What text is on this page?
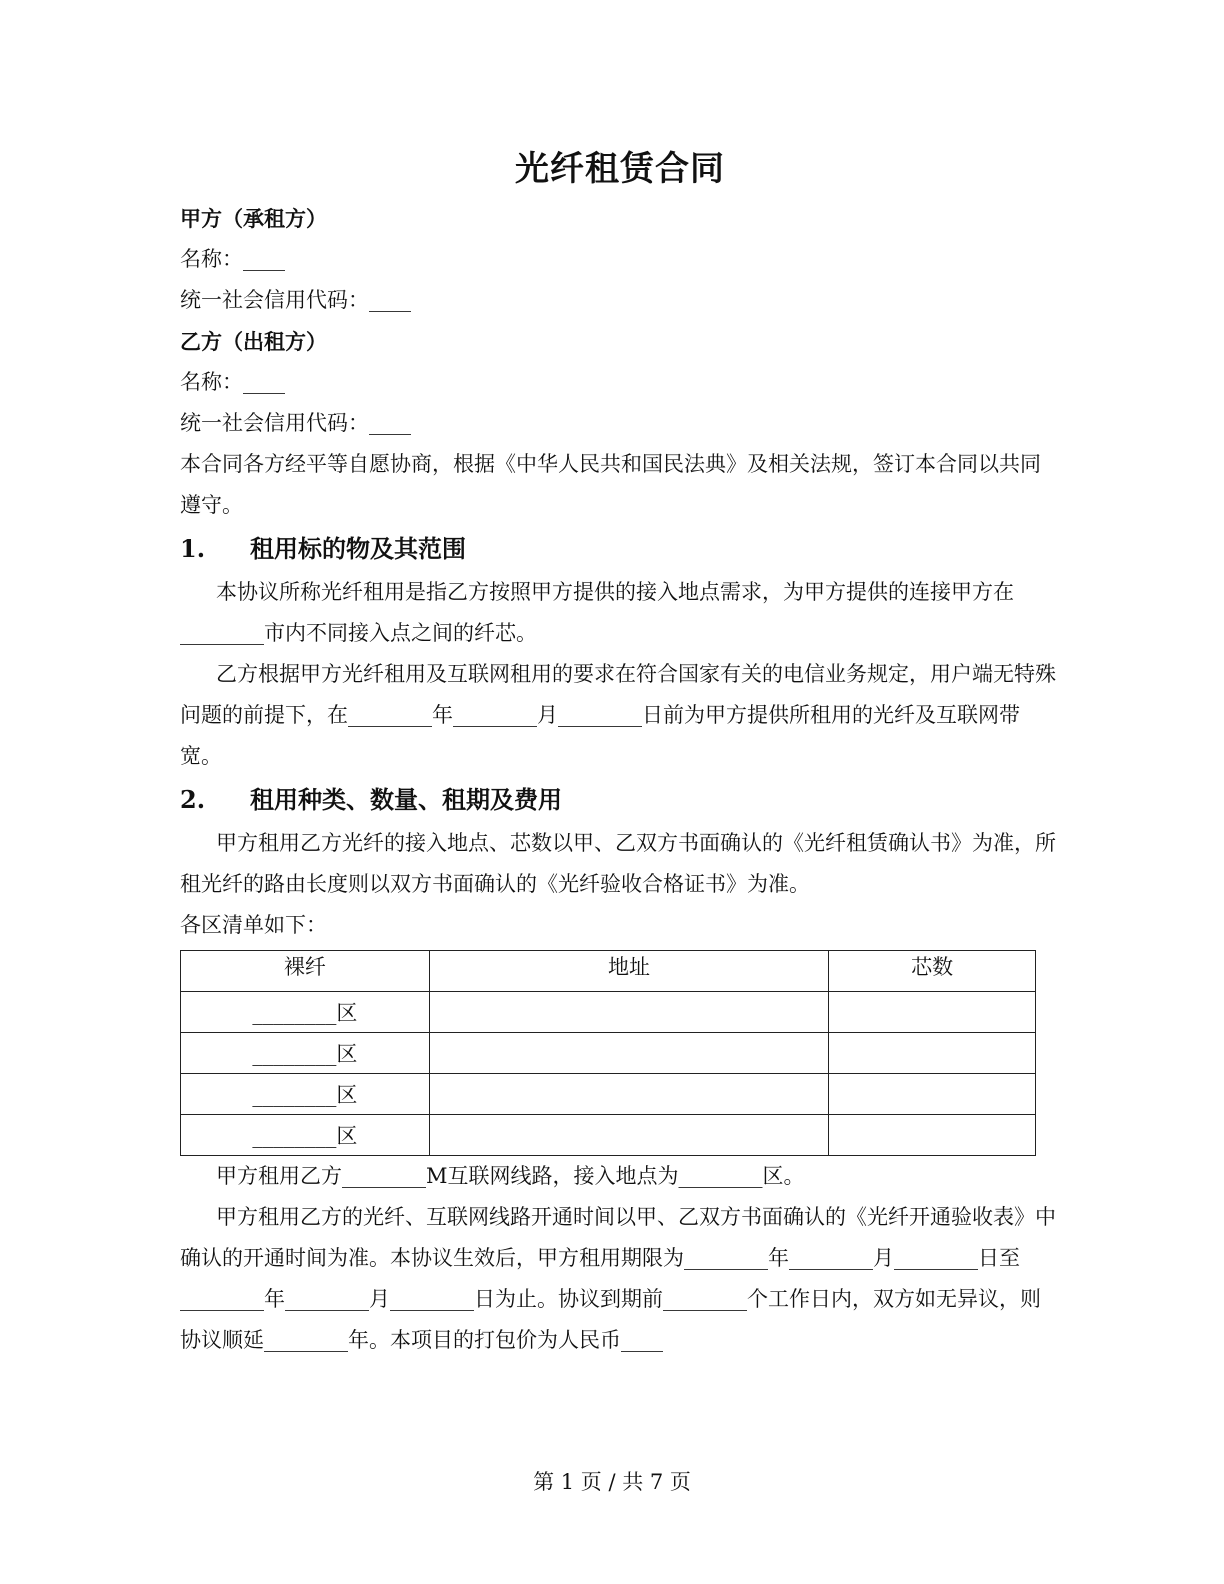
光纤租赁合同
甲方（承租方）
名称：____
统一社会信用代码：____
乙方（出租方）
名称：____
统一社会信用代码：____

本合同各方经平等自愿协商，根据《中华人民共和国民法典》及相关法规，签订本合同以共同遵守。

1.	租用标的物及其范围

本协议所称光纤租用是指乙方按照甲方提供的接入地点需求，为甲方提供的连接甲方在________市内不同接入点之间的纤芯。

乙方根据甲方光纤租用及互联网租用的要求在符合国家有关的电信业务规定，用户端无特殊问题的前提下，在________年________月________日前为甲方提供所租用的光纤及互联网带宽。

2.	租用种类、数量、租期及费用

甲方租用乙方光纤的接入地点、芯数以甲、乙双方书面确认的《光纤租赁确认书》为准，所租光纤的路由长度则以双方书面确认的《光纤验收合格证书》为准。

各区清单如下：

裸纤	地址	芯数
________区		
________区		
________区		
________区		

甲方租用乙方________M互联网线路，接入地点为________区。

甲方租用乙方的光纤、互联网线路开通时间以甲、乙双方书面确认的《光纤开通验收表》中确认的开通时间为准。本协议生效后，甲方租用期限为________年________月________日至________年________月________日为止。协议到期前________个工作日内，双方如无异议，则协议顺延________年。本项目的打包价为人民币____

第 1 页 / 共 7 页
